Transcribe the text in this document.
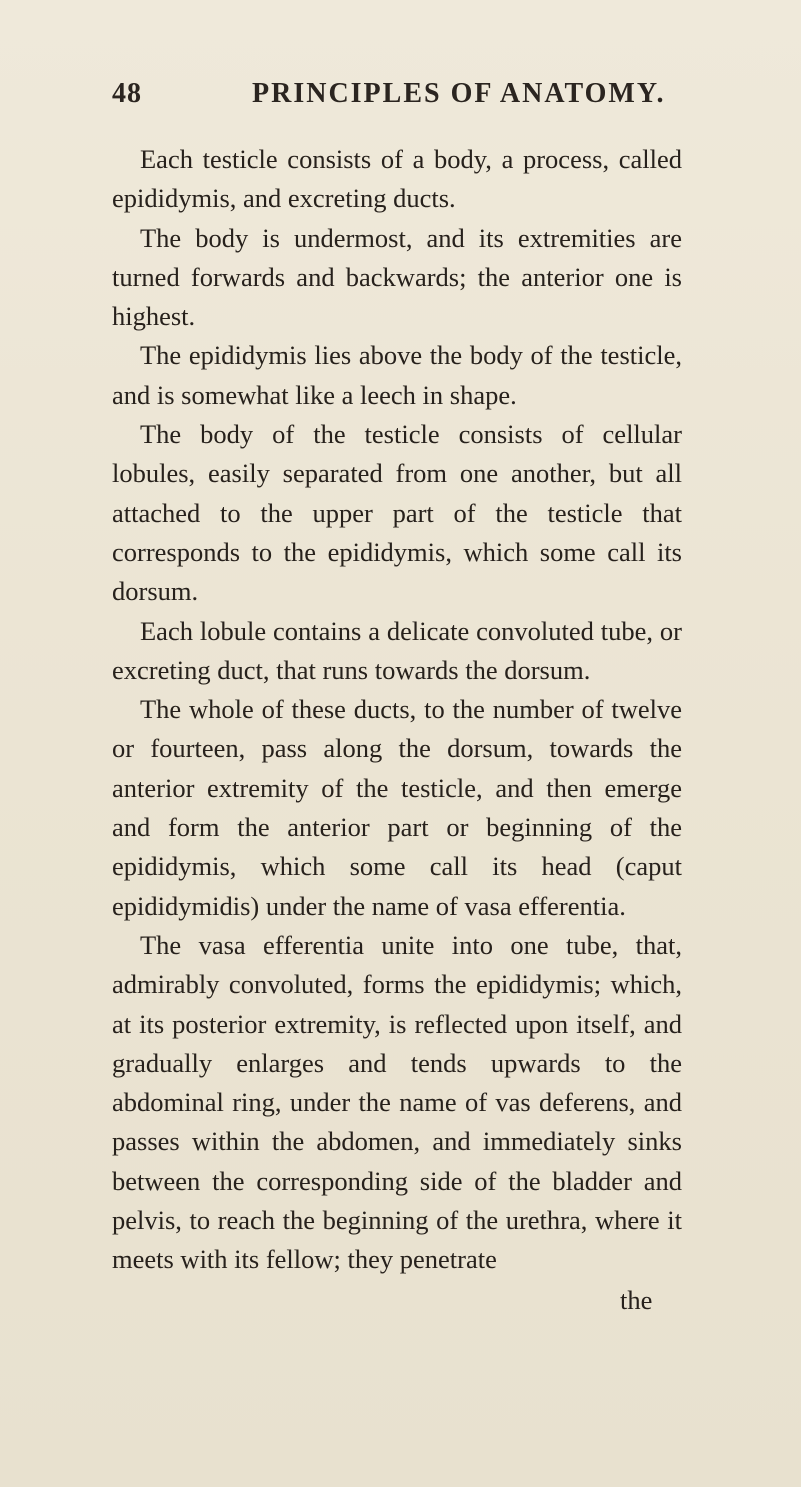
48	PRINCIPLES OF ANATOMY.

Each testicle consists of a body, a process, called epididymis, and excreting ducts.

The body is undermost, and its extremities are turned forwards and backwards; the anterior one is highest.

The epididymis lies above the body of the testicle, and is somewhat like a leech in shape.

The body of the testicle consists of cellular lobules, easily separated from one another, but all attached to the upper part of the testicle that corresponds to the epididymis, which some call its dorsum.

Each lobule contains a delicate convoluted tube, or excreting duct, that runs towards the dorsum.

The whole of these ducts, to the number of twelve or fourteen, pass along the dorsum, towards the anterior extremity of the testicle, and then emerge and form the anterior part or beginning of the epididymis, which some call its head (caput epididymidis) under the name of vasa efferentia.

The vasa efferentia unite into one tube, that, admirably convoluted, forms the epididymis; which, at its posterior extremity, is reflected upon itself, and gradually enlarges and tends upwards to the abdominal ring, under the name of vas deferens, and passes within the abdomen, and immediately sinks between the corresponding side of the bladder and pelvis, to reach the beginning of the urethra, where it meets with its fellow; they penetrate

the
